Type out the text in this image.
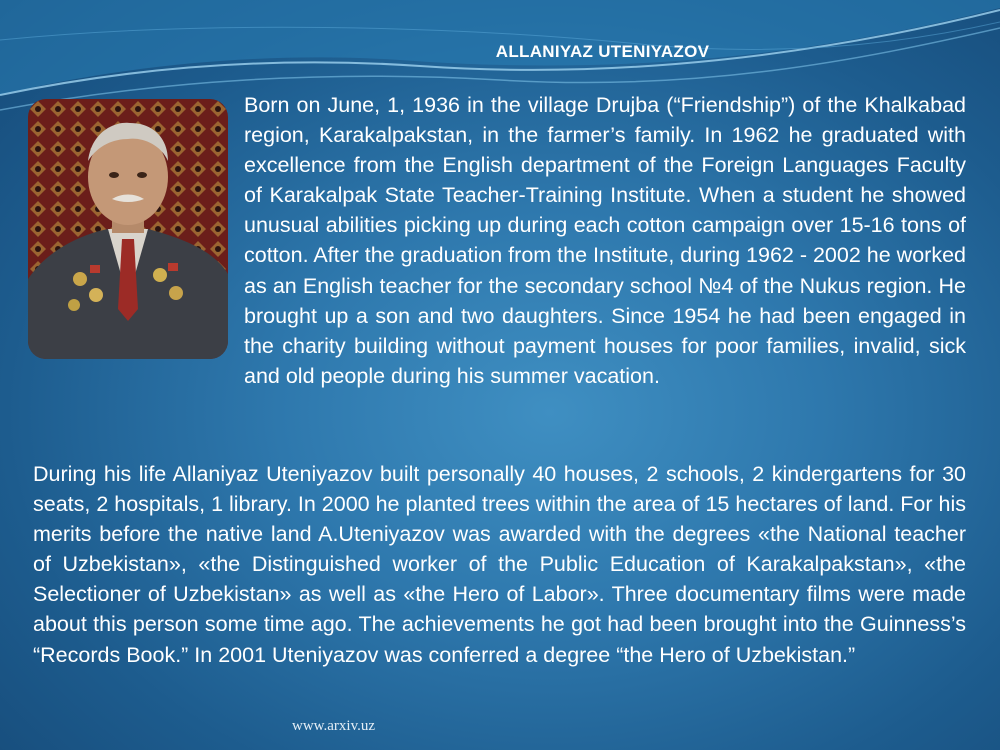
ALLANIYAZ UTENIYAZOV

Born on June, 1, 1936 in the village Drujba (“Friendship”) of the Khalkabad region, Karakalpakstan, in the farmer’s family. In 1962 he graduated with excellence from the English department of the Foreign Languages Faculty of Karakalpak State Teacher-Training Institute. When a student he showed unusual abilities picking up during each cotton campaign over 15-16 tons of cotton. After the graduation from the Institute, during 1962 - 2002 he worked as an English teacher for the secondary school №4 of the Nukus region. He brought up a son and two daughters. Since 1954 he had been engaged in the charity building without payment houses for poor families, invalid, sick and old people during his summer vacation.

During his life Allaniyaz Uteniyazov built personally 40 houses, 2 schools, 2 kindergartens for 30 seats, 2 hospitals, 1 library. In 2000 he planted trees within the area of 15 hectares of land. For his merits before the native land A.Uteniyazov was awarded with the degrees «the National teacher of Uzbekistan», «the Distinguished worker of the Public Education of Karakalpakstan», «the Selectioner of Uzbekistan» as well as «the Hero of Labor». Three documentary films were made about this person some time ago. The achievements he got had been brought into the Guinness’s “Records Book.” In 2001 Uteniyazov was conferred a degree “the Hero of Uzbekistan.”

www.arxiv.uz
